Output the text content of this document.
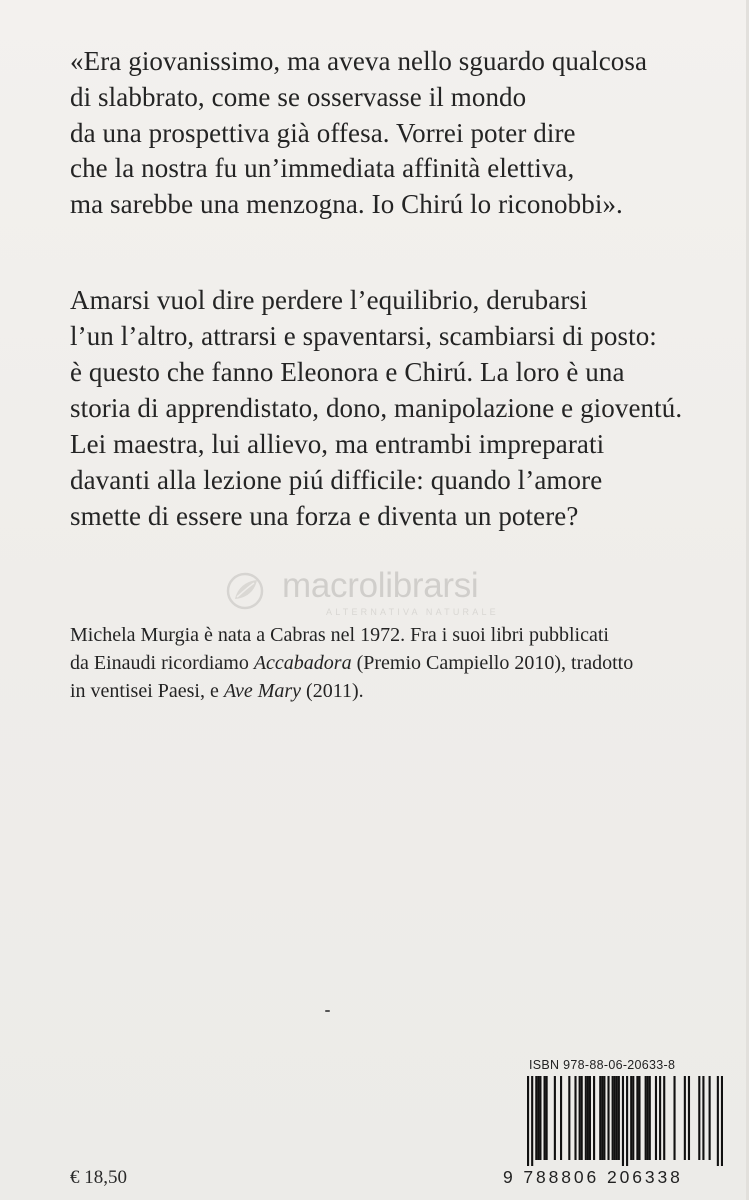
«Era giovanissimo, ma aveva nello sguardo qualcosa
di slabbrato, come se osservasse il mondo
da una prospettiva già offesa. Vorrei poter dire
che la nostra fu un’immediata affinità elettiva,
ma sarebbe una menzogna. Io Chirú lo riconobbi».
Amarsi vuol dire perdere l’equilibrio, derubarsi
l’un l’altro, attrarsi e spaventarsi, scambiarsi di posto:
è questo che fanno Eleonora e Chirú. La loro è una
storia di apprendistato, dono, manipolazione e gioventú.
Lei maestra, lui allievo, ma entrambi impreparati
davanti alla lezione piú difficile: quando l’amore
smette di essere una forza e diventa un potere?
macrolibrarsi
ALTERNATIVA NATURALE
Michela Murgia è nata a Cabras nel 1972. Fra i suoi libri pubblicati
da Einaudi ricordiamo Accabadora (Premio Campiello 2010), tradotto
in ventisei Paesi, e Ave Mary (2011).
ISBN 978-88-06-20633-8
9 788806 206338
€ 18,50
